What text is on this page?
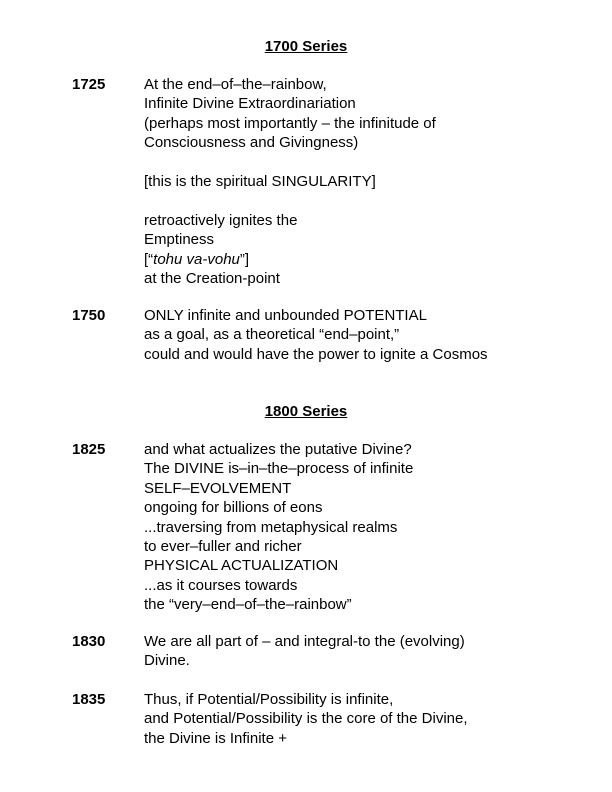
1700 Series
1725	At the end–of–the–rainbow,
Infinite Divine Extraordinariation
(perhaps most importantly – the infinitude of
Consciousness and Givingness)
[this is the spiritual SINGULARITY]
retroactively ignites the
Emptiness
[“tohu va-vohu”]
at the Creation-point
1750	ONLY infinite and unbounded POTENTIAL
as a goal, as a theoretical “end–point,”
could and would have the power to ignite a Cosmos
1800 Series
1825	and what actualizes the putative Divine?
The DIVINE is–in–the–process of infinite
SELF–EVOLVEMENT
ongoing for billions of eons
...traversing from metaphysical realms
to ever–fuller and richer
PHYSICAL ACTUALIZATION
...as it courses towards
the “very–end–of–the–rainbow”
1830	We are all part of – and integral-to the (evolving)
Divine.
1835	Thus, if Potential/Possibility is infinite,
and Potential/Possibility is the core of the Divine,
the Divine is Infinite +
